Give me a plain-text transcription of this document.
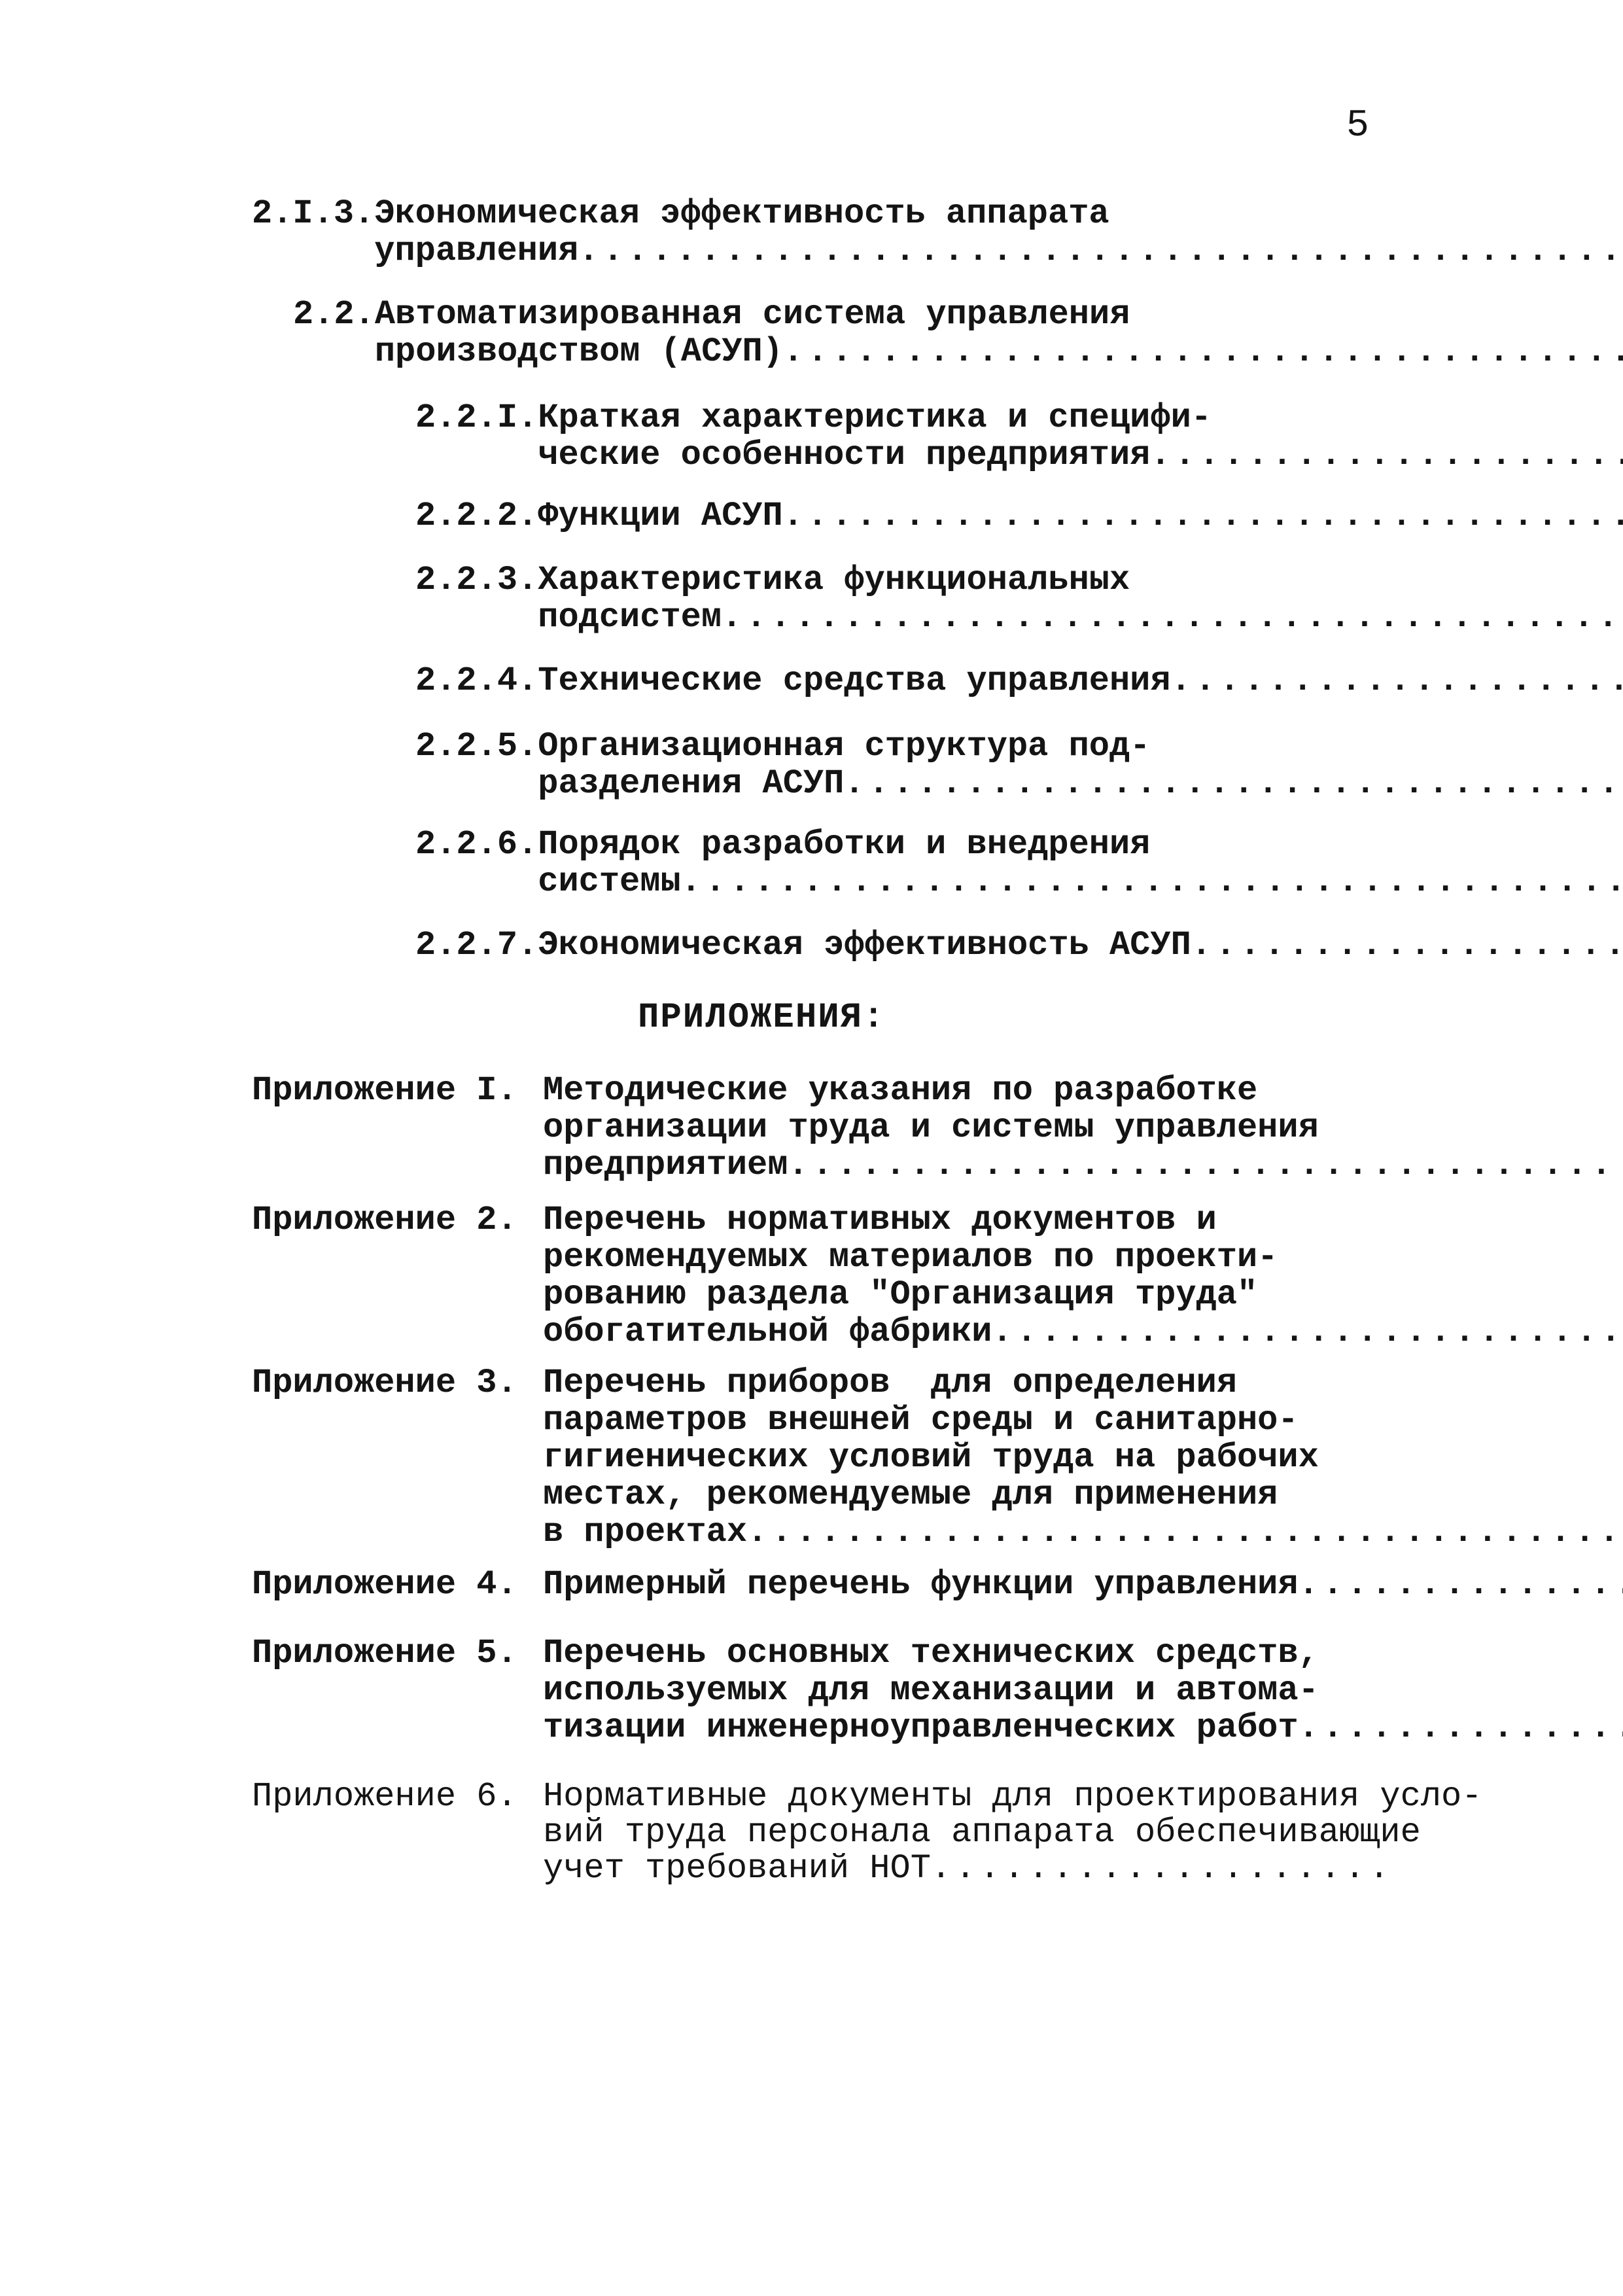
5
2.I.3. Экономическая эффективность аппарата
управления
.....
2.2. Автоматизированная система управления
производством (АСУП)
.....
2.2.I. Краткая характеристика и специфи-
ческие особенности предприятия
.....
2.2.2. Функции АСУП
.....
2.2.3. Характеристика функциональных
подсистем
.....
2.2.4. Технические средства управления
.....
2.2.5. Организационная структура под-
разделения АСУП
.....
2.2.6. Порядок разработки и внедрения
системы
.....
2.2.7. Экономическая эффективность АСУП
.....
ПРИЛОЖЕНИЯ:
Приложение I. Методические указания по разработке
организации труда и системы управления
предприятием
.....
Приложение 2. Перечень нормативных документов и
рекомендуемых материалов по проекти-
рованию раздела "Организация труда"
обогатительной фабрики
.....
Приложение 3. Перечень приборов  для определения
параметров внешней среды и санитарно-
гигиенических условий труда на рабочих
местах, рекомендуемые для применения
в проектах
.....
Приложение 4. Примерный перечень функции управления
.....
Приложение 5. Перечень основных технических средств,
используемых для механизации и автома-
тизации инженерноуправленческих работ
.....
Приложение 6. Нормативные документы для проектирования усло-
вий труда персонала аппарата обеспечивающие
учет требований НОТ
.....
